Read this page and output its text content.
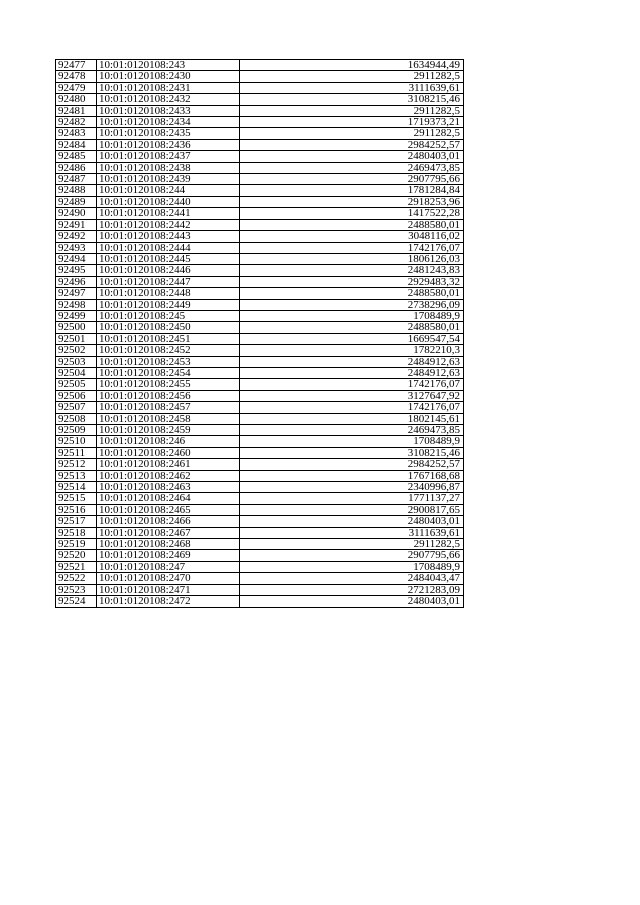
92477	10:01:0120108:243	1634944,49
92478	10:01:0120108:2430	2911282,5
92479	10:01:0120108:2431	3111639,61
92480	10:01:0120108:2432	3108215,46
92481	10:01:0120108:2433	2911282,5
92482	10:01:0120108:2434	1719373,21
92483	10:01:0120108:2435	2911282,5
92484	10:01:0120108:2436	2984252,57
92485	10:01:0120108:2437	2480403,01
92486	10:01:0120108:2438	2469473,85
92487	10:01:0120108:2439	2907795,66
92488	10:01:0120108:244	1781284,84
92489	10:01:0120108:2440	2918253,96
92490	10:01:0120108:2441	1417522,28
92491	10:01:0120108:2442	2488580,01
92492	10:01:0120108:2443	3048116,02
92493	10:01:0120108:2444	1742176,07
92494	10:01:0120108:2445	1806126,03
92495	10:01:0120108:2446	2481243,83
92496	10:01:0120108:2447	2929483,32
92497	10:01:0120108:2448	2488580,01
92498	10:01:0120108:2449	2738296,09
92499	10:01:0120108:245	1708489,9
92500	10:01:0120108:2450	2488580,01
92501	10:01:0120108:2451	1669547,54
92502	10:01:0120108:2452	1782210,3
92503	10:01:0120108:2453	2484912,63
92504	10:01:0120108:2454	2484912,63
92505	10:01:0120108:2455	1742176,07
92506	10:01:0120108:2456	3127647,92
92507	10:01:0120108:2457	1742176,07
92508	10:01:0120108:2458	1802145,61
92509	10:01:0120108:2459	2469473,85
92510	10:01:0120108:246	1708489,9
92511	10:01:0120108:2460	3108215,46
92512	10:01:0120108:2461	2984252,57
92513	10:01:0120108:2462	1767168,68
92514	10:01:0120108:2463	2340996,87
92515	10:01:0120108:2464	1771137,27
92516	10:01:0120108:2465	2900817,65
92517	10:01:0120108:2466	2480403,01
92518	10:01:0120108:2467	3111639,61
92519	10:01:0120108:2468	2911282,5
92520	10:01:0120108:2469	2907795,66
92521	10:01:0120108:247	1708489,9
92522	10:01:0120108:2470	2484043,47
92523	10:01:0120108:2471	2721283,09
92524	10:01:0120108:2472	2480403,01
